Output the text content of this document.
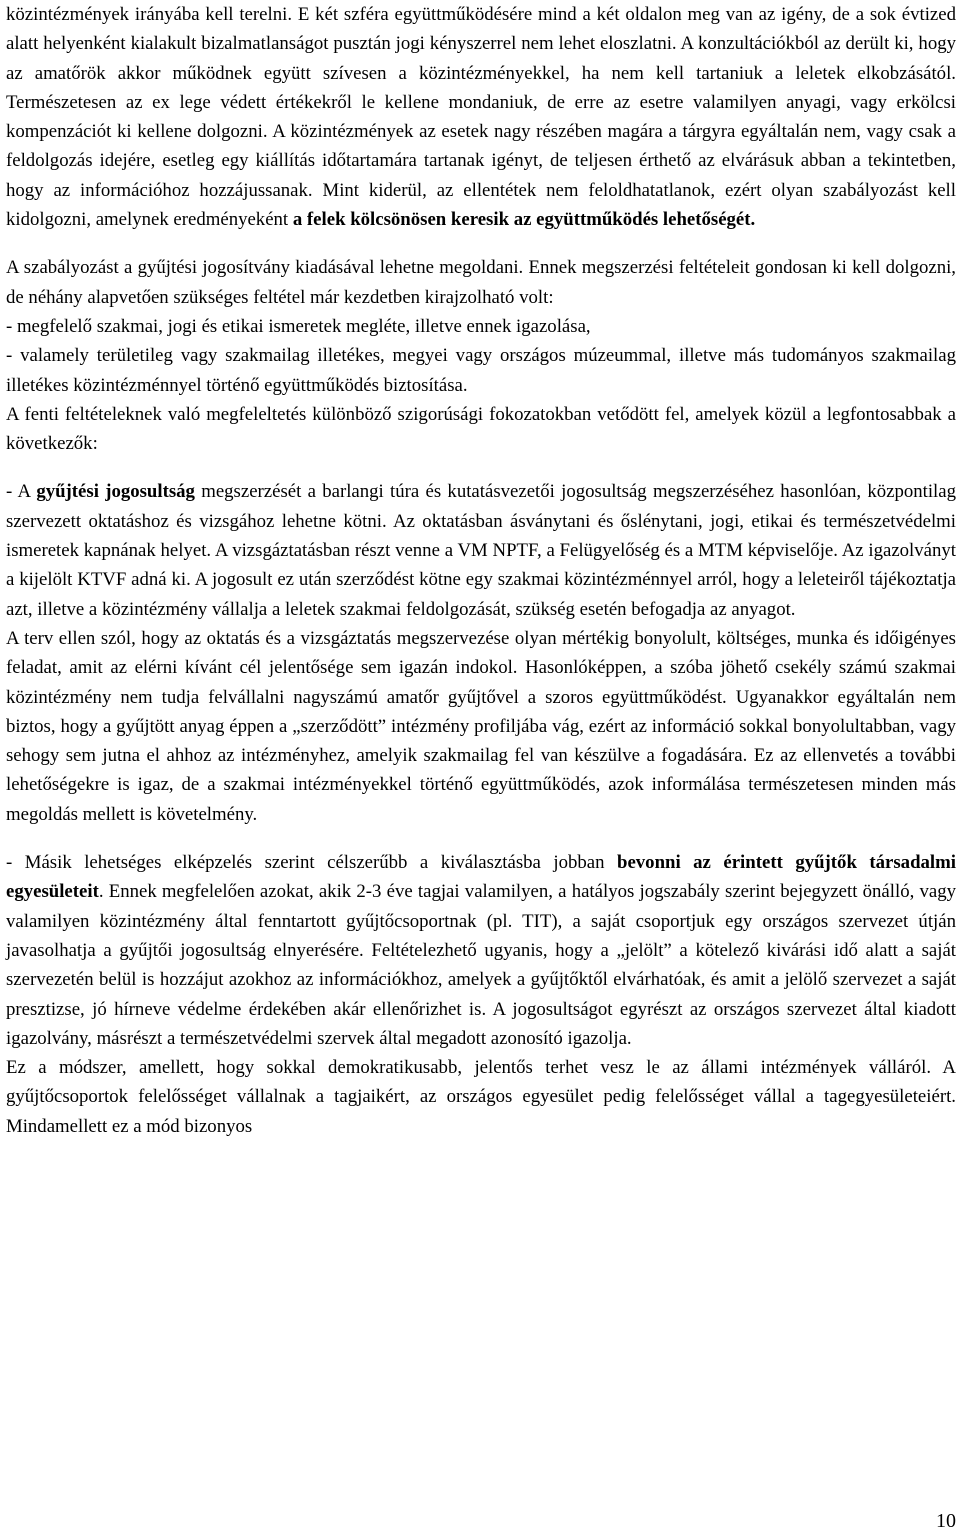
közintézmények irányába kell terelni. E két szféra együttműködésére mind a két oldalon meg van az igény, de a sok évtized alatt helyenként kialakult bizalmatlanságot pusztán jogi kényszerrel nem lehet eloszlatni. A konzultációkból az derült ki, hogy az amatőrök akkor működnek együtt szívesen a közintézményekkel, ha nem kell tartaniuk a leletek elkobzásától. Természetesen az ex lege védett értékekről le kellene mondaniuk, de erre az esetre valamilyen anyagi, vagy erkölcsi kompenzációt ki kellene dolgozni. A közintézmények az esetek nagy részében magára a tárgyra egyáltalán nem, vagy csak a feldolgozás idejére, esetleg egy kiállítás időtartamára tartanak igényt, de teljesen érthető az elvárásuk abban a tekintetben, hogy az információhoz hozzájussanak. Mint kiderül, az ellentétek nem feloldhatatlanok, ezért olyan szabályozást kell kidolgozni, amelynek eredményeként a felek kölcsönösen keresik az együttműködés lehetőségét.

A szabályozást a gyűjtési jogosítvány kiadásával lehetne megoldani. Ennek megszerzési feltételeit gondosan ki kell dolgozni, de néhány alapvetően szükséges feltétel már kezdetben kirajzolható volt:

- megfelelő szakmai, jogi és etikai ismeretek megléte, illetve ennek igazolása,

- valamely területileg vagy szakmailag illetékes, megyei vagy országos múzeummal, illetve más tudományos szakmailag illetékes közintézménnyel történő együttműködés biztosítása.

A fenti feltételeknek való megfeleltetés különböző szigorúsági fokozatokban vetődött fel, amelyek közül a legfontosabbak a következők:

- A gyűjtési jogosultság megszerzését a barlangi túra és kutatásvezetői jogosultság megszerzéséhez hasonlóan, központilag szervezett oktatáshoz és vizsgához lehetne kötni. Az oktatásban ásványtani és őslénytani, jogi, etikai és természetvédelmi ismeretek kapnának helyet. A vizsgáztatásban részt venne a VM NPTF, a Felügyelőség és a MTM képviselője. Az igazolványt a kijelölt KTVF adná ki. A jogosult ez után szerződést kötne egy szakmai közintézménnyel arról, hogy a leleteiről tájékoztatja azt, illetve a közintézmény vállalja a leletek szakmai feldolgozását, szükség esetén befogadja az anyagot.

A terv ellen szól, hogy az oktatás és a vizsgáztatás megszervezése olyan mértékig bonyolult, költséges, munka és időigényes feladat, amit az elérni kívánt cél jelentősége sem igazán indokol. Hasonlóképpen, a szóba jöhető csekély számú szakmai közintézmény nem tudja felvállalni nagyszámú amatőr gyűjtővel a szoros együttműködést. Ugyanakkor egyáltalán nem biztos, hogy a gyűjtött anyag éppen a „szerződött” intézmény profiljába vág, ezért az információ sokkal bonyolultabban, vagy sehogy sem jutna el ahhoz az intézményhez, amelyik szakmailag fel van készülve a fogadására. Ez az ellenvetés a további lehetőségekre is igaz, de a szakmai intézményekkel történő együttműködés, azok informálása természetesen minden más megoldás mellett is követelmény.

- Másik lehetséges elképzelés szerint célszerűbb a kiválasztásba jobban bevonni az érintett gyűjtők társadalmi egyesületeit. Ennek megfelelően azokat, akik 2-3 éve tagjai valamilyen, a hatályos jogszabály szerint bejegyzett önálló, vagy valamilyen közintézmény által fenntartott gyűjtőcsoportnak (pl. TIT), a saját csoportjuk egy országos szervezet útján javasolhatja a gyűjtői jogosultság elnyerésére. Feltételezhető ugyanis, hogy a „jelölt” a kötelező kivárási idő alatt a saját szervezetén belül is hozzájut azokhoz az információkhoz, amelyek a gyűjtőktől elvárhatóak, és amit a jelölő szervezet a saját presztizse, jó hírneve védelme érdekében akár ellenőrizhet is. A jogosultságot egyrészt az országos szervezet által kiadott igazolvány, másrészt a természetvédelmi szervek által megadott azonosító igazolja.

Ez a módszer, amellett, hogy sokkal demokratikusabb, jelentős terhet vesz le az állami intézmények válláról. A gyűjtőcsoportok felelősséget vállalnak a tagjaikért, az országos egyesület pedig felelősséget vállal a tagegyesületeiért. Mindamellett ez a mód bizonyos

10
